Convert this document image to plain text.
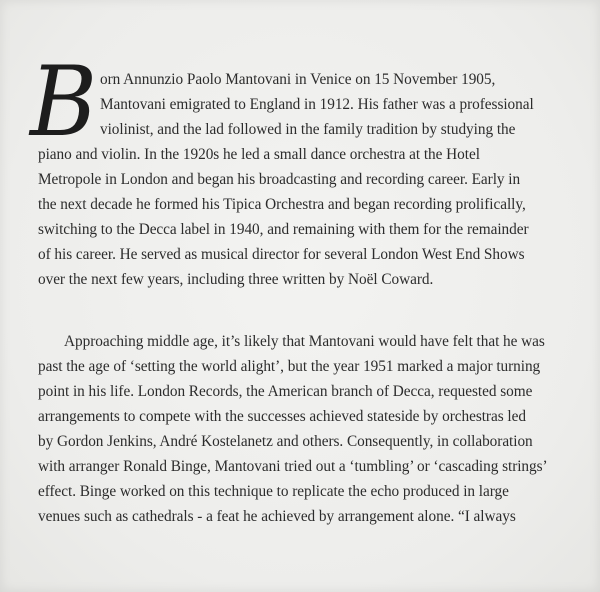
B orn Annunzio Paolo Mantovani in Venice on 15 November 1905,
Mantovani emigrated to England in 1912. His father was a professional
violinist, and the lad followed in the family tradition by studying the
piano and violin. In the 1920s he led a small dance orchestra at the Hotel
Metropole in London and began his broadcasting and recording career. Early in
the next decade he formed his Tipica Orchestra and began recording prolifically,
switching to the Decca label in 1940, and remaining with them for the remainder
of his career. He served as musical director for several London West End Shows
over the next few years, including three written by Noël Coward.
Approaching middle age, it’s likely that Mantovani would have felt that he was
past the age of ‘setting the world alight’, but the year 1951 marked a major turning
point in his life. London Records, the American branch of Decca, requested some
arrangements to compete with the successes achieved stateside by orchestras led
by Gordon Jenkins, André Kostelanetz and others. Consequently, in collaboration
with arranger Ronald Binge, Mantovani tried out a ‘tumbling’ or ‘cascading strings’
effect. Binge worked on this technique to replicate the echo produced in large
venues such as cathedrals - a feat he achieved by arrangement alone. “I always
